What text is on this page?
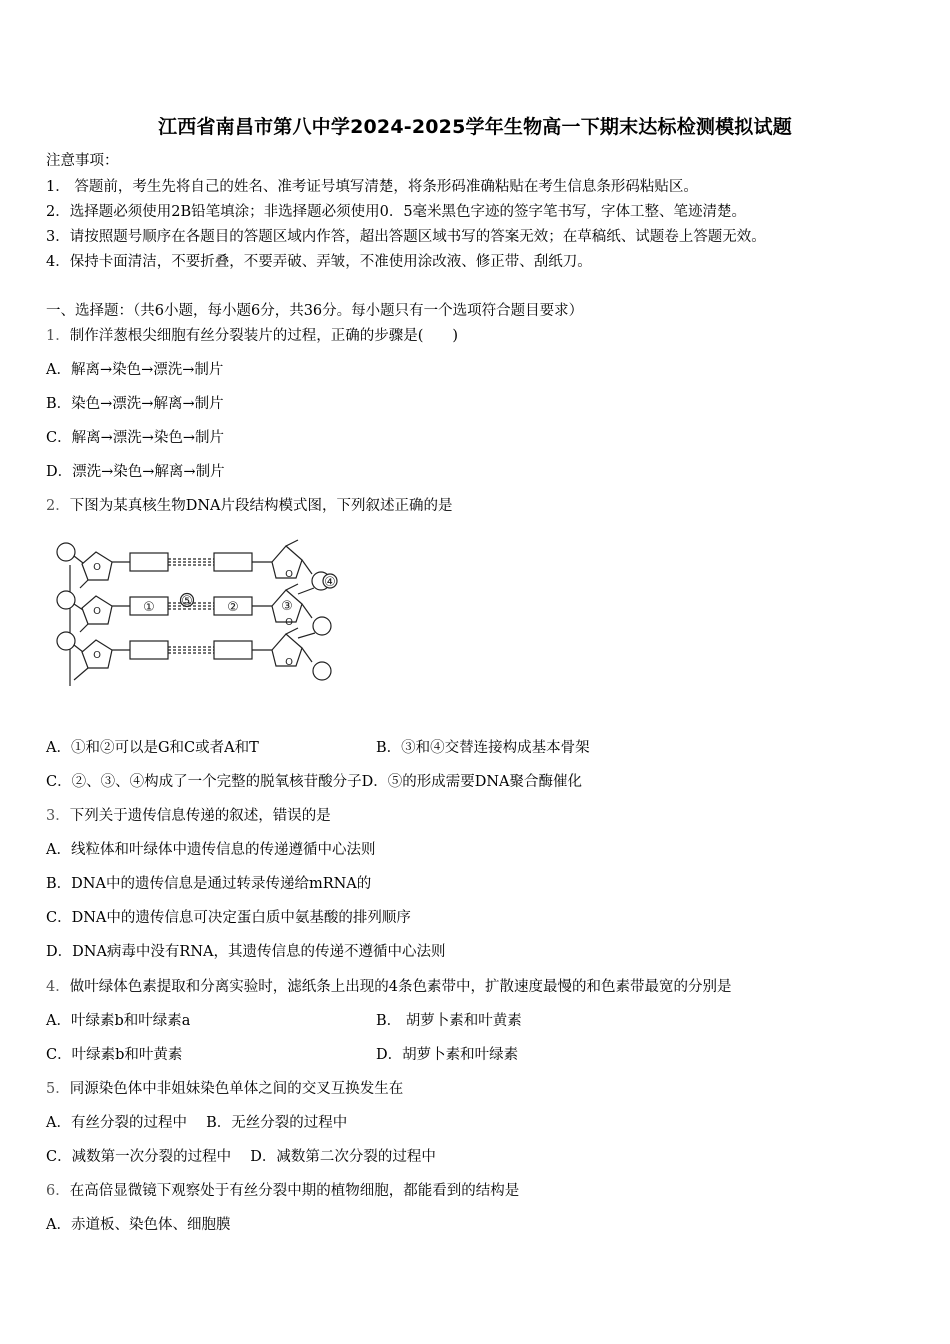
江西省南昌市第八中学2024-2025学年生物高一下期末达标检测模拟试题
注意事项：
1． 答题前，考生先将自己的姓名、准考证号填写清楚，将条形码准确粘贴在考生信息条形码粘贴区。
2．选择题必须使用2B铅笔填涂；非选择题必须使用0．5毫米黑色字迹的签字笔书写，字体工整、笔迹清楚。
3．请按照题号顺序在各题目的答题区域内作答，超出答题区域书写的答案无效；在草稿纸、试题卷上答题无效。
4．保持卡面清洁，不要折叠，不要弄破、弄皱，不准使用涂改液、修正带、刮纸刀。
一、选择题：（共6小题，每小题6分，共36分。每小题只有一个选项符合题目要求）
1．制作洋葱根尖细胞有丝分裂装片的过程，正确的步骤是(　　)
A．解离→染色→漂洗→制片
B．染色→漂洗→解离→制片
C．解离→漂洗→染色→制片
D．漂洗→染色→解离→制片
2．下图为某真核生物DNA片段结构模式图，下列叙述正确的是
O
O
O
O
O
O
①	②	③
④
⑤
A．①和②可以是G和C或者A和T	B．③和④交替连接构成基本骨架
C．②、③、④构成了一个完整的脱氧核苷酸分子D．⑤的形成需要DNA聚合酶催化
3．下列关于遗传信息传递的叙述，错误的是
A．线粒体和叶绿体中遗传信息的传递遵循中心法则
B．DNA中的遗传信息是通过转录传递给mRNA的
C．DNA中的遗传信息可决定蛋白质中氨基酸的排列顺序
D．DNA病毒中没有RNA，其遗传信息的传递不遵循中心法则
4．做叶绿体色素提取和分离实验时，滤纸条上出现的4条色素带中，扩散速度最慢的和色素带最宽的分别是
A．叶绿素b和叶绿素a	B． 胡萝卜素和叶黄素
C．叶绿素b和叶黄素	D．胡萝卜素和叶绿素
5．同源染色体中非姐妹染色单体之间的交叉互换发生在
A．有丝分裂的过程中　 B．无丝分裂的过程中
C．减数第一次分裂的过程中　 D．减数第二次分裂的过程中
6．在高倍显微镜下观察处于有丝分裂中期的植物细胞，都能看到的结构是
A．赤道板、染色体、细胞膜
